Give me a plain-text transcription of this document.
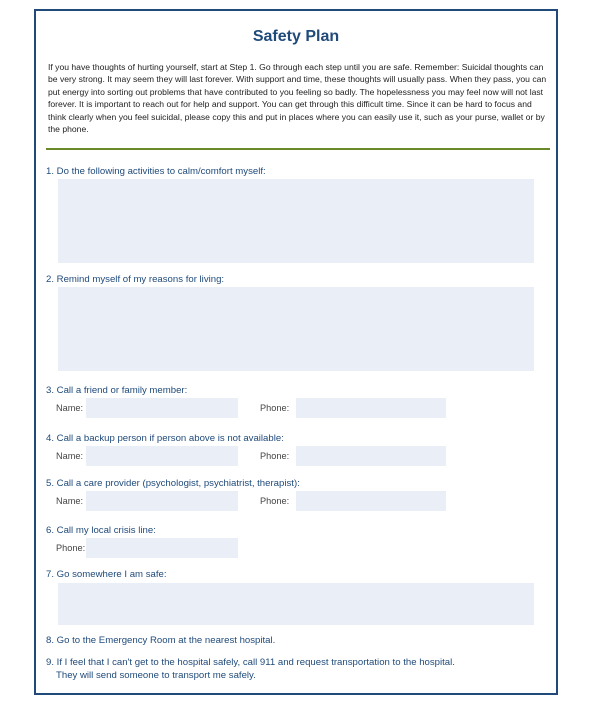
Safety Plan
If you have thoughts of hurting yourself, start at Step 1. Go through each step until you are safe. Remember: Suicidal thoughts can be very strong. It may seem they will last forever. With support and time, these thoughts will usually pass. When they pass, you can put energy into sorting out problems that have contributed to you feeling so badly. The hopelessness you may feel now will not last forever. It is important to reach out for help and support. You can get through this difficult time. Since it can be hard to focus and think clearly when you feel suicidal, please copy this and put in places where you can easily use it, such as your purse, wallet or by the phone.
1. Do the following activities to calm/comfort myself:
2. Remind myself of my reasons for living:
3. Call a friend or family member:
Name:	Phone:
4. Call a backup person if person above is not available:
Name:	Phone:
5. Call a care provider (psychologist, psychiatrist, therapist):
Name:	Phone:
6. Call my local crisis line:
Phone:
7. Go somewhere I am safe:
8. Go to the Emergency Room at the nearest hospital.
9. If I feel that I can't get to the hospital safely, call 911 and request transportation to the hospital.
They will send someone to transport me safely.
